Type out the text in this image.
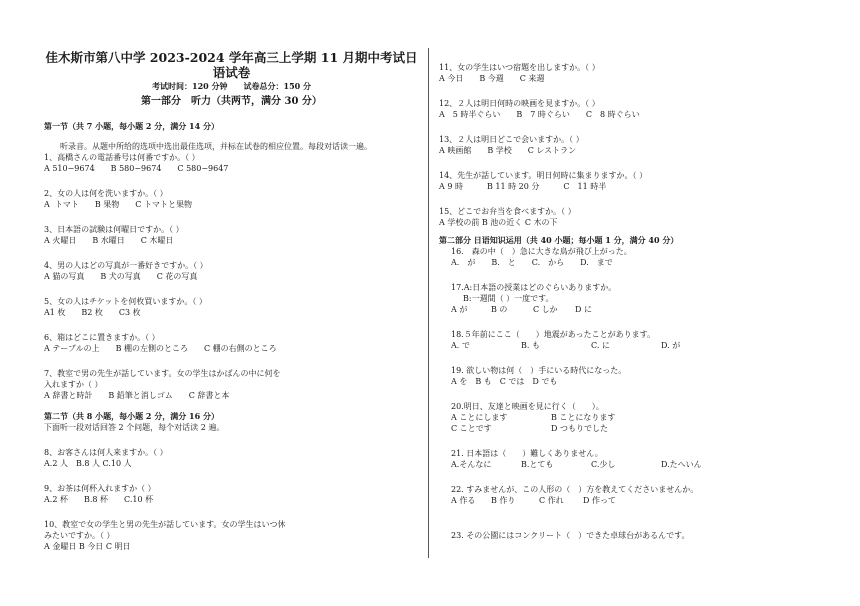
佳木斯市第八中学 2023-2024 学年高三上学期 11 月期中考试日语试卷
考试时间：120 分钟　　试卷总分：150 分
第一部分　听力（共两节，满分 30 分）
第一节（共 7 小题，每小题 2 分，满分 14 分）
听录音。从题中所给的选项中选出最佳选项，并标在试卷的相应位置。每段对话读一遍。
1、高橋さんの電話番号は何番ですか。（ ）
A 510−9674　　B 580−9674　　C 580−9647
2、女の人は何を洗いますか。（ ）
A  トマト　　B 果物　　C トマトと果物
3、日本語の試験は何曜日ですか。（ ）
A 火曜日　　B 水曜日　　C 木曜日
4、男の人はどの写真が一番好きですか。（ ）
A 猫の写真　　B 犬の写真　　C 花の写真
5、女の人はチケットを何枚買いますか。（ ）
A1 枚　　B2 枚　　C3 枚
6、箱はどこに置きますか。（ ）
A テーブルの上　　B 棚の左側のところ　　C 棚の右側のところ
7、教室で男の先生が話しています。女の学生はかばんの中に何を
入れますか（ ）
A 辞書と時計　　B 鉛筆と消しゴム　　C 辞書と本
第二节（共 8 小题，每小题 2 分，满分 16 分）
下面听一段对话回答 2 个问题，每个对话读 2 遍。
8、お客さんは何人来ますか。（ ）
A.2 人　B.8 人 C.10 人
9、お茶は何杯入れますか（ ）
A.2 杯　　B.8 杯　　C.10 杯
10、教室で女の学生と男の先生が話しています。女の学生はいつ休
みたいですか。（ ）
A 金曜日 B 今日 C 明日
11、女の学生はいつ宿題を出しますか。（ ）
A 今日　　B 今週　　C 来週
12、２人は明日何時の映画を見ますか。（ ）
A　5 時半ぐらい　　B　7 時ぐらい　　C　8 時ぐらい
13、２人は明日どこで会いますか。（ ）
A 映画館　　B 学校　　C レストラン
14、先生が話しています。明日何時に集まりますか。（ ）
A 9 時　　　B 11 時 20 分　　　C　11 時半
15、どこでお弁当を食べますか。（ ）
A 学校の前 B 池の近く C 木の下
第二部分 日语知识运用（共 40 小题；每小题 1 分，满分 40 分）
16.　森の中（　）急に大きな鳥が飛び上がった。
A.　が　　B.　と　　C.　から　　D.　まで
17.A:日本語の授業はどのぐらいありますか。
B:一週間（ ）一度です。
A が	B の	C しか	D に
18.５年前にここ（　　）地震があったことがあります。
A. で	B. も	C. に	D. が
19. 欲しい物は何（　）手にいる時代になった。
A を　B も　C では　D でも
20.明日、友達と映画を見に行く（　　）。
A ことにします	B ことになります
C ことです	D つもりでした
21. 日本語は（　　）難しくありません。
A.そんなに	B.とても	C.少し	D.たへいん
22. すみませんが、この人形の（　）方を教えてくださいませんか。
A 作る	B 作り	C 作れ	D 作って
23. その公園にはコンクリート（　）できた卓球台があるんです。
